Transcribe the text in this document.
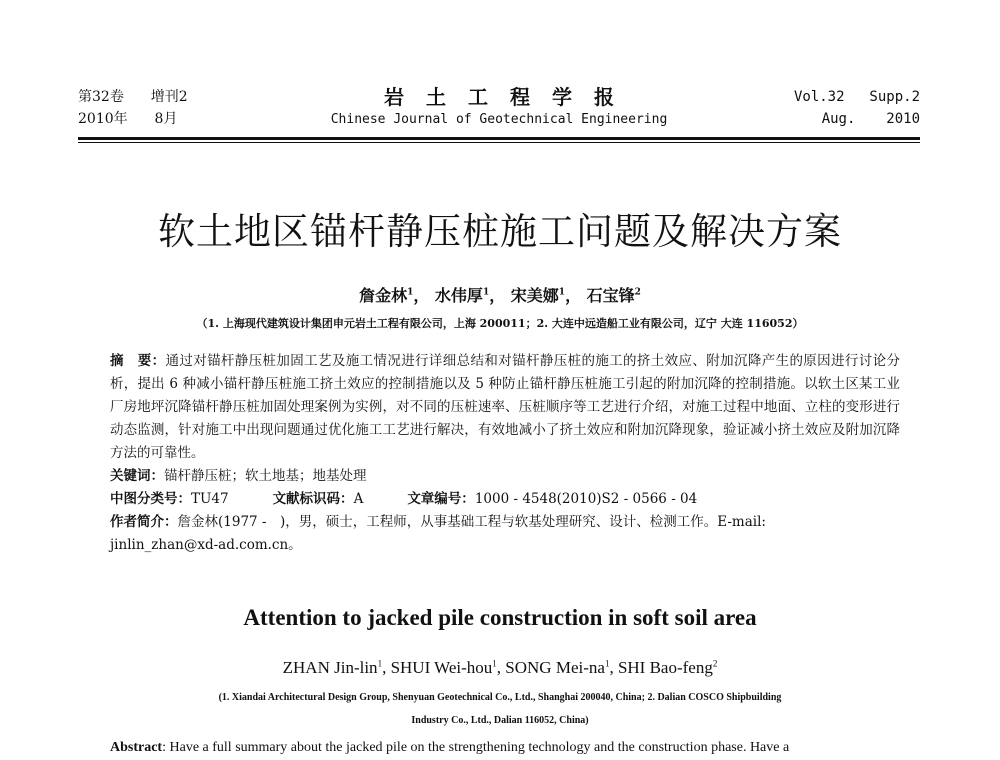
第32卷 增刊2
2010年 8月
岩土工程学报
Chinese Journal of Geotechnical Engineering
Vol.32 Supp.2
Aug. 2010
软土地区锚杆静压桩施工问题及解决方案
詹金林$^1$， 水伟厚$^1$， 宋美娜$^1$， 石宝锋$^2$
（1. 上海现代建筑设计集团申元岩土工程有限公司，上海 200011；2. 大连中远造船工业有限公司，辽宁 大连 116052）

摘　要：通过对锚杆静压桩加固工艺及施工情况进行详细总结和对锚杆静压桩的施工的挤土效应、附加沉降产生的原因进行讨论分析，提出 6 种减小锚杆静压桩施工挤土效应的控制措施以及 5 种防止锚杆静压桩施工引起的附加沉降的控制措施。以软土区某工业厂房地坪沉降锚杆静压桩加固处理案例为实例，对不同的压桩速率、压桩顺序等工艺进行介绍，对施工过程中地面、立柱的变形进行动态监测，针对施工中出现问题通过优化施工工艺进行解决，有效地减小了挤土效应和附加沉降现象，验证减小挤土效应及附加沉降方法的可靠性。

关键词：锚杆静压桩；软土地基；地基处理

中图分类号：TU47	文献标识码：A	文章编号：1000 - 4548(2010)S2 - 0566 - 04

作者简介：詹金林(1977 -　)，男，硕士，工程师，从事基础工程与软基处理研究、设计、检测工作。E-mail:

jinlin_zhan@xd-ad.com.cn。

Attention to jacked pile construction in soft soil area
ZHAN Jin-lin$^1$, SHUI Wei-hou$^1$, SONG Mei-$na^1$, SHI Bao-feng$^2$
(1. Xiandai Architectural Design Group, Shenyuan Geotechnical Co., Ltd., Shanghai 200040, China; 2. Dalian COSCO Shipbuilding
Industry Co., Ltd., Dalian 116052, China)
Abstract: Have a full summary about the jacked pile on the strengthening technology and the construction phase. Have a
